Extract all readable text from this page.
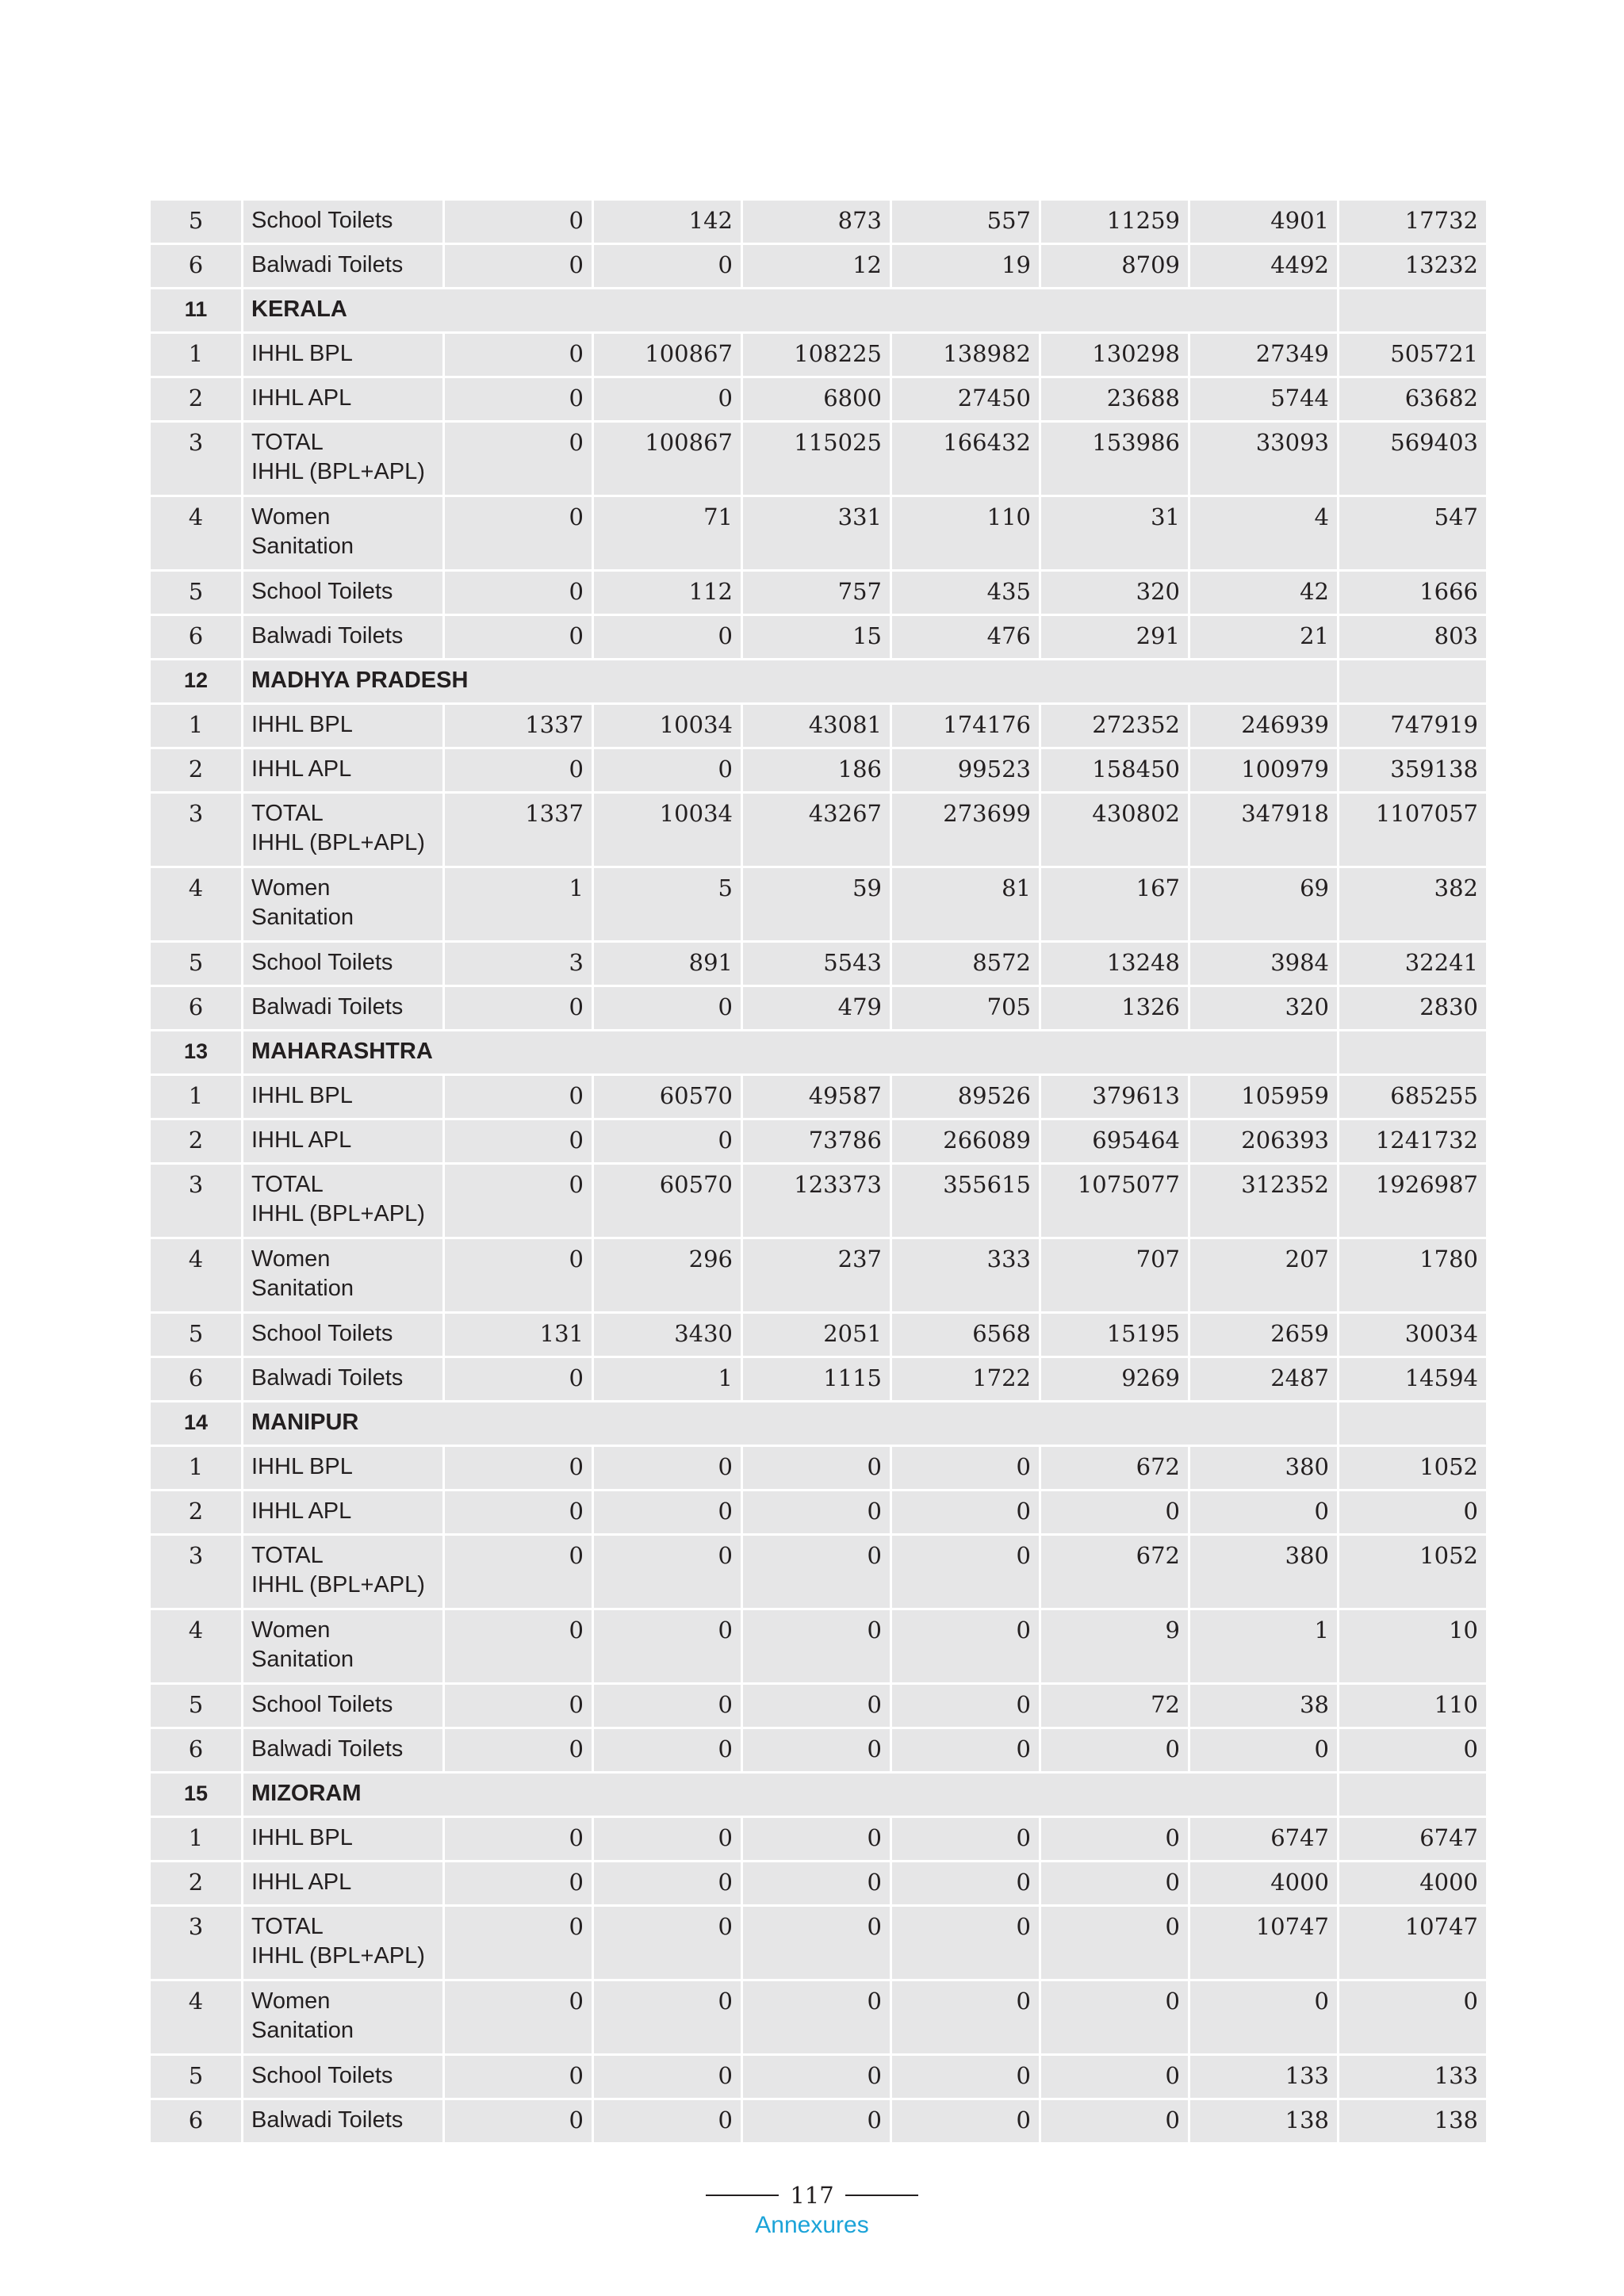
5	School Toilets	0	142	873	557	11259	4901	17732
6	Balwadi Toilets	0	0	12	19	8709	4492	13232
11	KERALA							
1	IHHL BPL	0	100867	108225	138982	130298	27349	505721
2	IHHL APL	0	0	6800	27450	23688	5744	63682
3	TOTAL
IHHL (BPL+APL)	0	100867	115025	166432	153986	33093	569403
4	Women
Sanitation	0	71	331	110	31	4	547
5	School Toilets	0	112	757	435	320	42	1666
6	Balwadi Toilets	0	0	15	476	291	21	803
12	MADHYA PRADESH							
1	IHHL BPL	1337	10034	43081	174176	272352	246939	747919
2	IHHL APL	0	0	186	99523	158450	100979	359138
3	TOTAL
IHHL (BPL+APL)	1337	10034	43267	273699	430802	347918	1107057
4	Women
Sanitation	1	5	59	81	167	69	382
5	School Toilets	3	891	5543	8572	13248	3984	32241
6	Balwadi Toilets	0	0	479	705	1326	320	2830
13	MAHARASHTRA							
1	IHHL BPL	0	60570	49587	89526	379613	105959	685255
2	IHHL APL	0	0	73786	266089	695464	206393	1241732
3	TOTAL
IHHL (BPL+APL)	0	60570	123373	355615	1075077	312352	1926987
4	Women
Sanitation	0	296	237	333	707	207	1780
5	School Toilets	131	3430	2051	6568	15195	2659	30034
6	Balwadi Toilets	0	1	1115	1722	9269	2487	14594
14	MANIPUR							
1	IHHL BPL	0	0	0	0	672	380	1052
2	IHHL APL	0	0	0	0	0	0	0
3	TOTAL
IHHL (BPL+APL)	0	0	0	0	672	380	1052
4	Women
Sanitation	0	0	0	0	9	1	10
5	School Toilets	0	0	0	0	72	38	110
6	Balwadi Toilets	0	0	0	0	0	0	0
15	MIZORAM							
1	IHHL BPL	0	0	0	0	0	6747	6747
2	IHHL APL	0	0	0	0	0	4000	4000
3	TOTAL
IHHL (BPL+APL)	0	0	0	0	0	10747	10747
4	Women
Sanitation	0	0	0	0	0	0	0
5	School Toilets	0	0	0	0	0	133	133
6	Balwadi Toilets	0	0	0	0	0	138	138
117
Annexures
